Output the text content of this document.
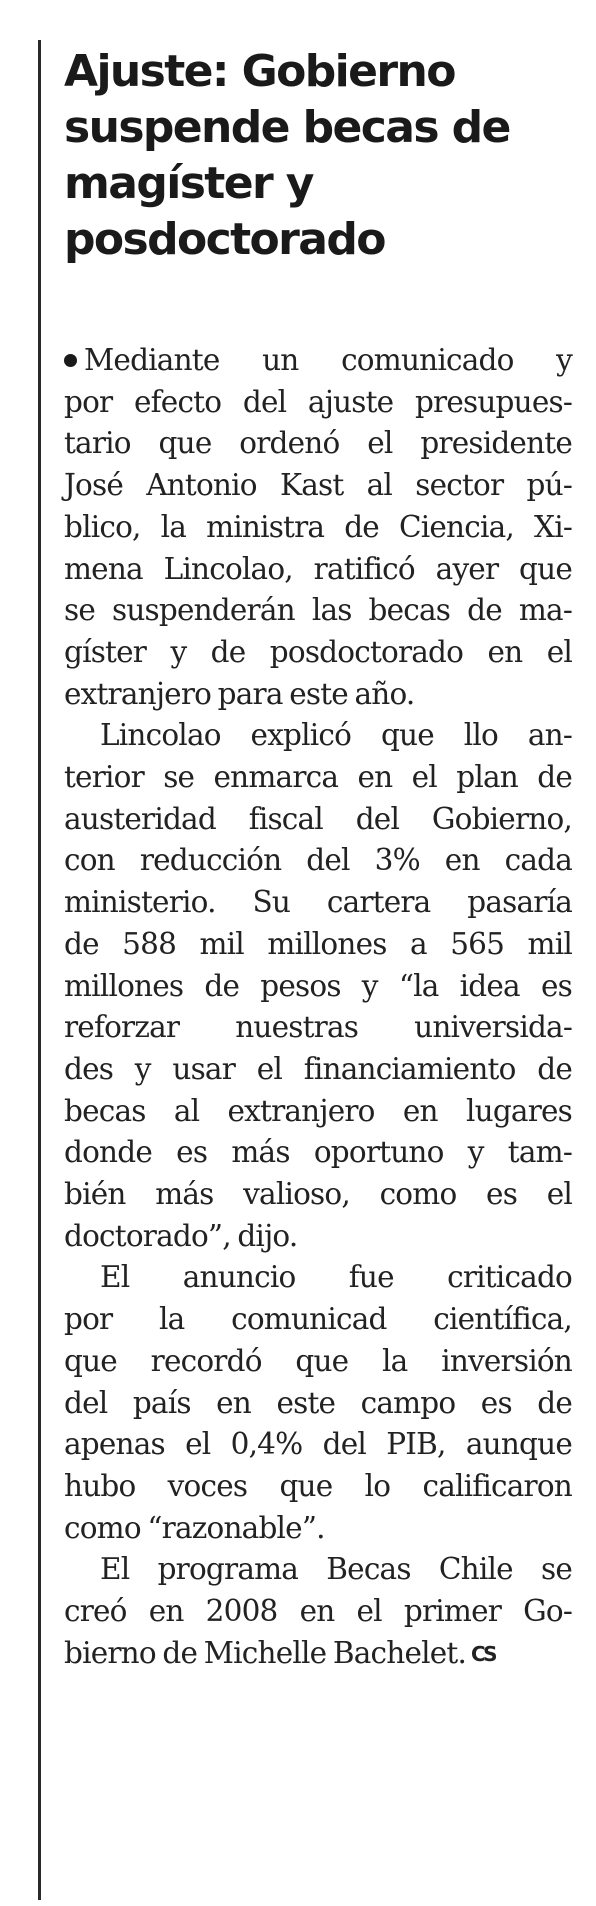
Ajuste: Gobierno
suspende becas de
magíster y
posdoctorado
Mediante un comunicado y
por efecto del ajuste presupues-
tario que ordenó el presidente
José Antonio Kast al sector pú-
blico, la ministra de Ciencia, Xi-
mena Lincolao, ratificó ayer que
se suspenderán las becas de ma-
gíster y de posdoctorado en el
extranjero para este año.
Lincolao explicó que llo an-
terior se enmarca en el plan de
austeridad fiscal del Gobierno,
con reducción del 3% en cada
ministerio. Su cartera pasaría
de 588 mil millones a 565 mil
millones de pesos y “la idea es
reforzar nuestras universida-
des y usar el financiamiento de
becas al extranjero en lugares
donde es más oportuno y tam-
bién más valioso, como es el
doctorado”, dijo.
El anuncio fue criticado
por la comunicad científica,
que recordó que la inversión
del país en este campo es de
apenas el 0,4% del PIB, aunque
hubo voces que lo calificaron
como “razonable”.
El programa Becas Chile se
creó en 2008 en el primer Go-
bierno de Michelle Bachelet. CS
